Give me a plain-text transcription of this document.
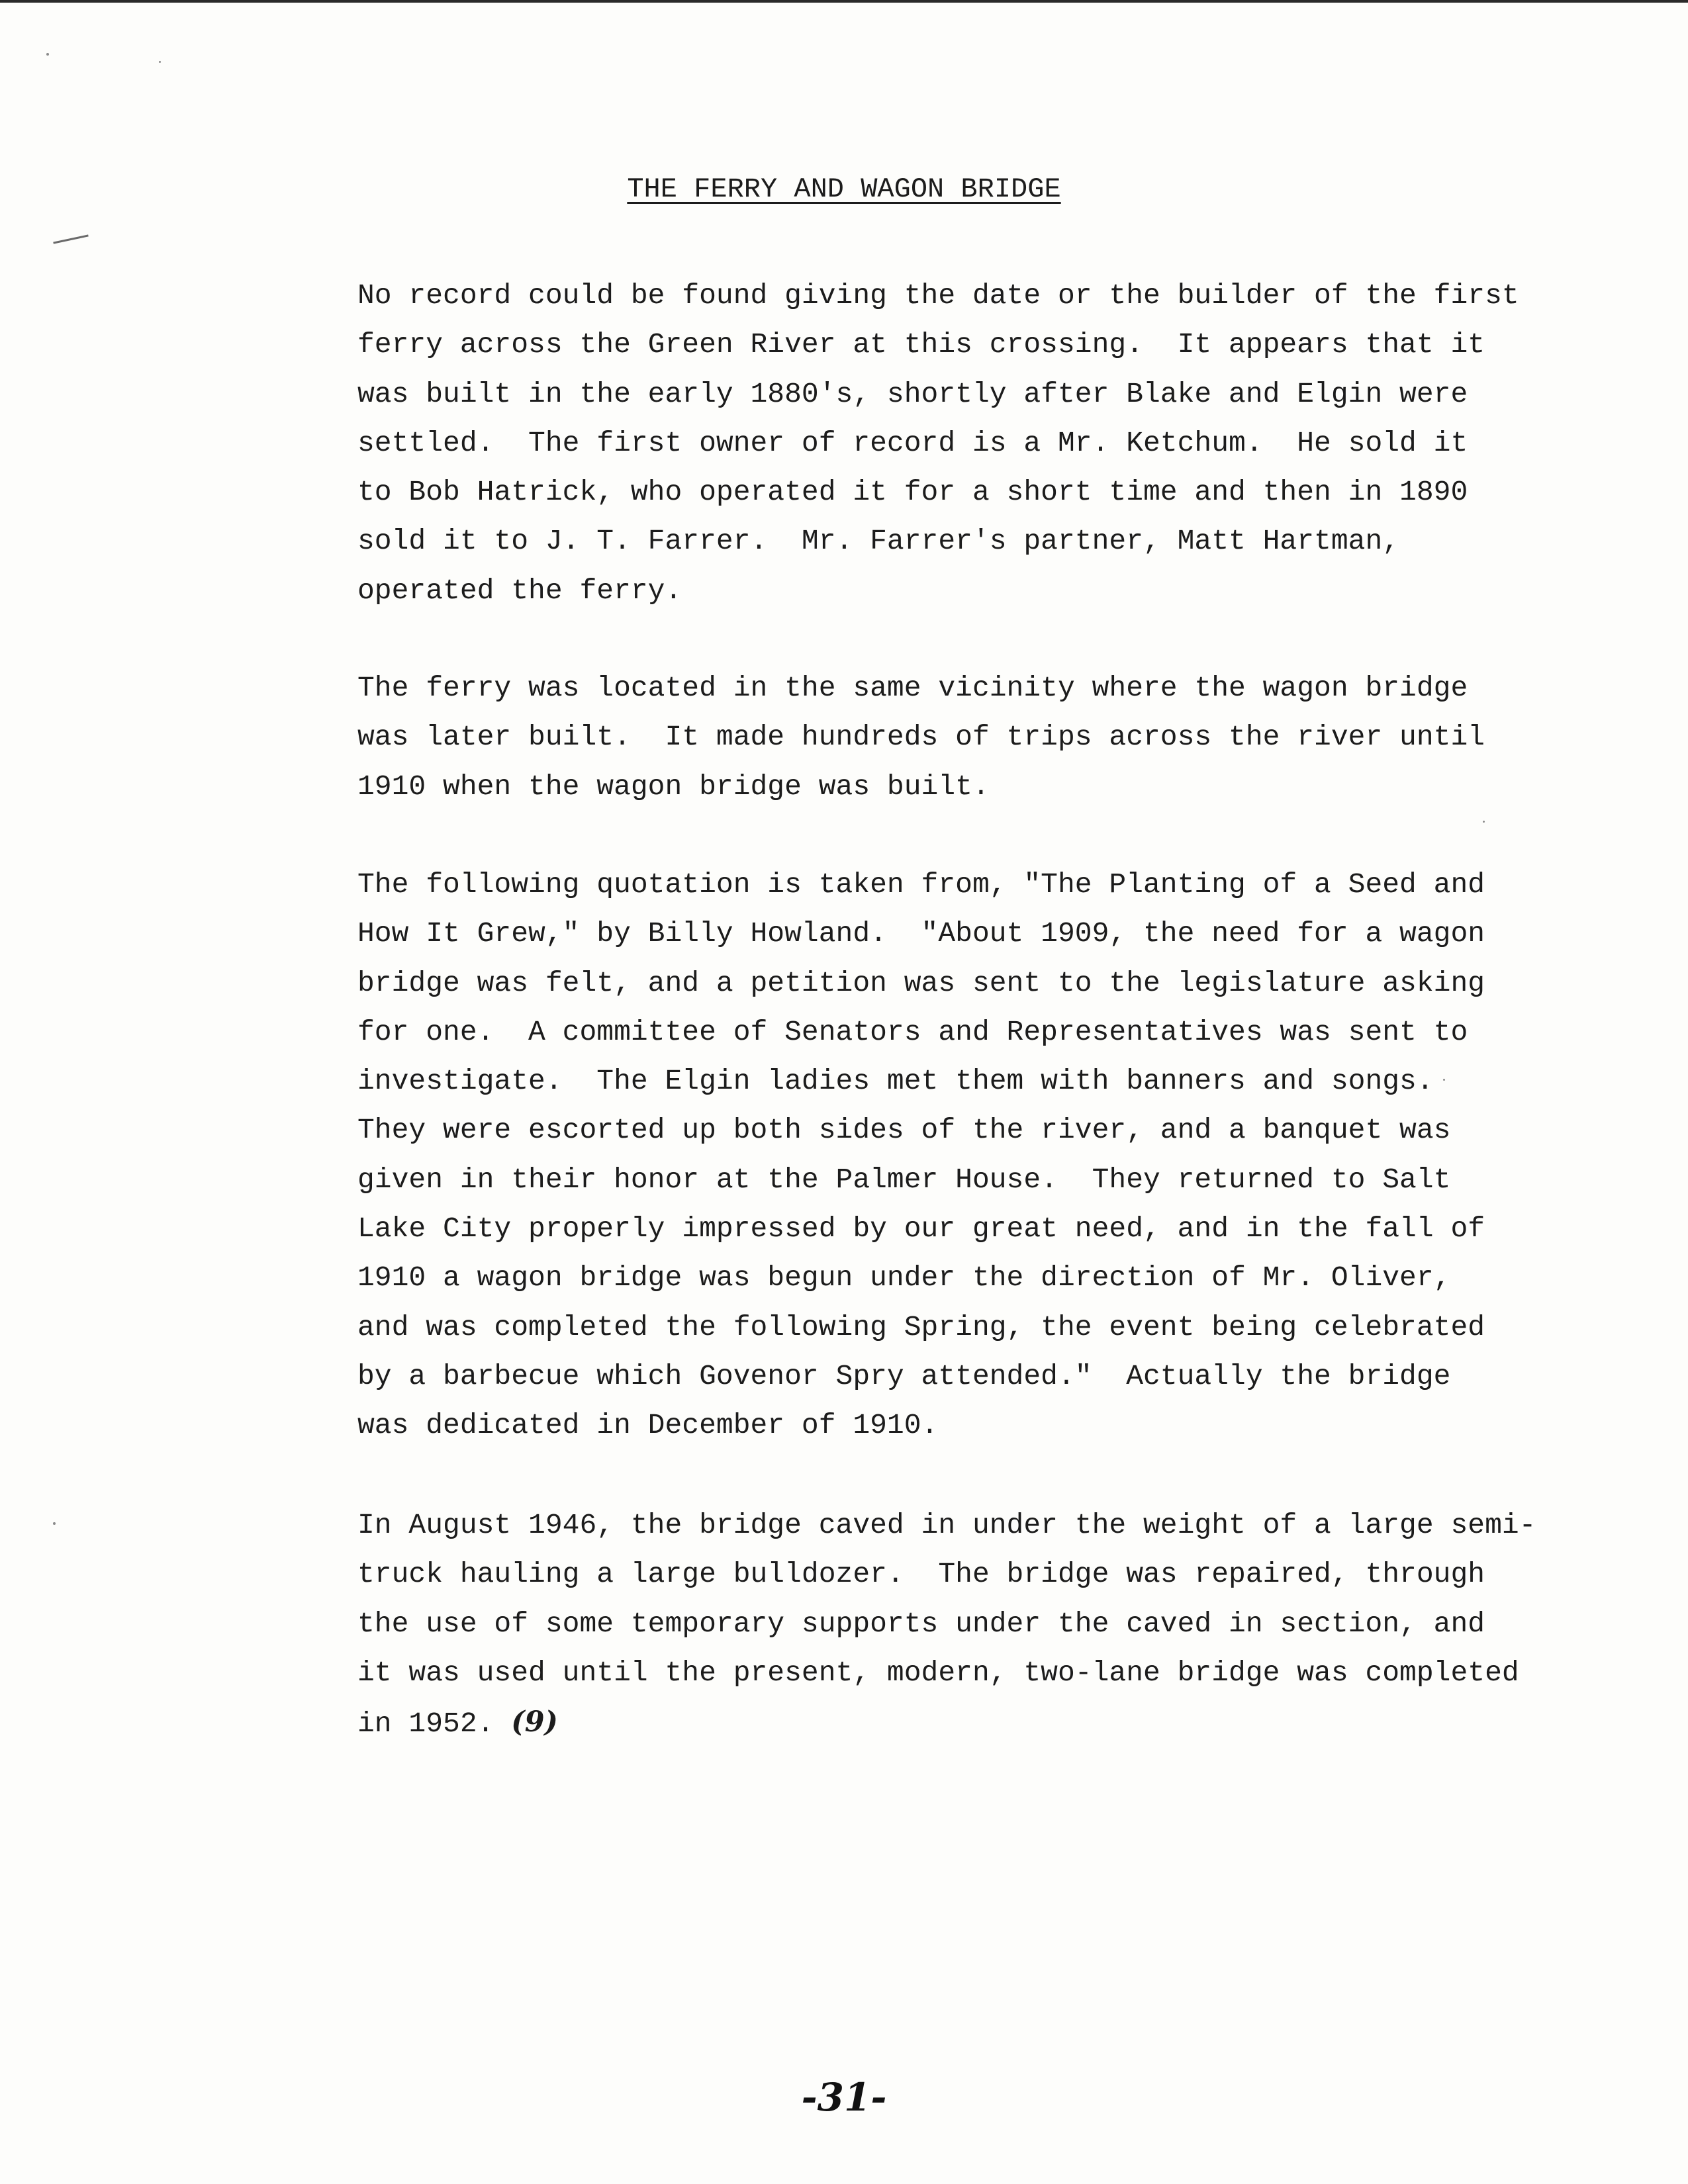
THE FERRY AND WAGON BRIDGE
No record could be found giving the date or the builder of the first
ferry across the Green River at this crossing.  It appears that it
was built in the early 1880's, shortly after Blake and Elgin were
settled.  The first owner of record is a Mr. Ketchum.  He sold it
to Bob Hatrick, who operated it for a short time and then in 1890
sold it to J. T. Farrer.  Mr. Farrer's partner, Matt Hartman,
operated the ferry.
The ferry was located in the same vicinity where the wagon bridge
was later built.  It made hundreds of trips across the river until
1910 when the wagon bridge was built.
The following quotation is taken from, "The Planting of a Seed and
How It Grew," by Billy Howland.  "About 1909, the need for a wagon
bridge was felt, and a petition was sent to the legislature asking
for one.  A committee of Senators and Representatives was sent to
investigate.  The Elgin ladies met them with banners and songs.
They were escorted up both sides of the river, and a banquet was
given in their honor at the Palmer House.  They returned to Salt
Lake City properly impressed by our great need, and in the fall of
1910 a wagon bridge was begun under the direction of Mr. Oliver,
and was completed the following Spring, the event being celebrated
by a barbecue which Govenor Spry attended."  Actually the bridge
was dedicated in December of 1910.
In August 1946, the bridge caved in under the weight of a large semi-
truck hauling a large bulldozer.  The bridge was repaired, through
the use of some temporary supports under the caved in section, and
it was used until the present, modern, two-lane bridge was completed
in 1952. (9)
-31-
